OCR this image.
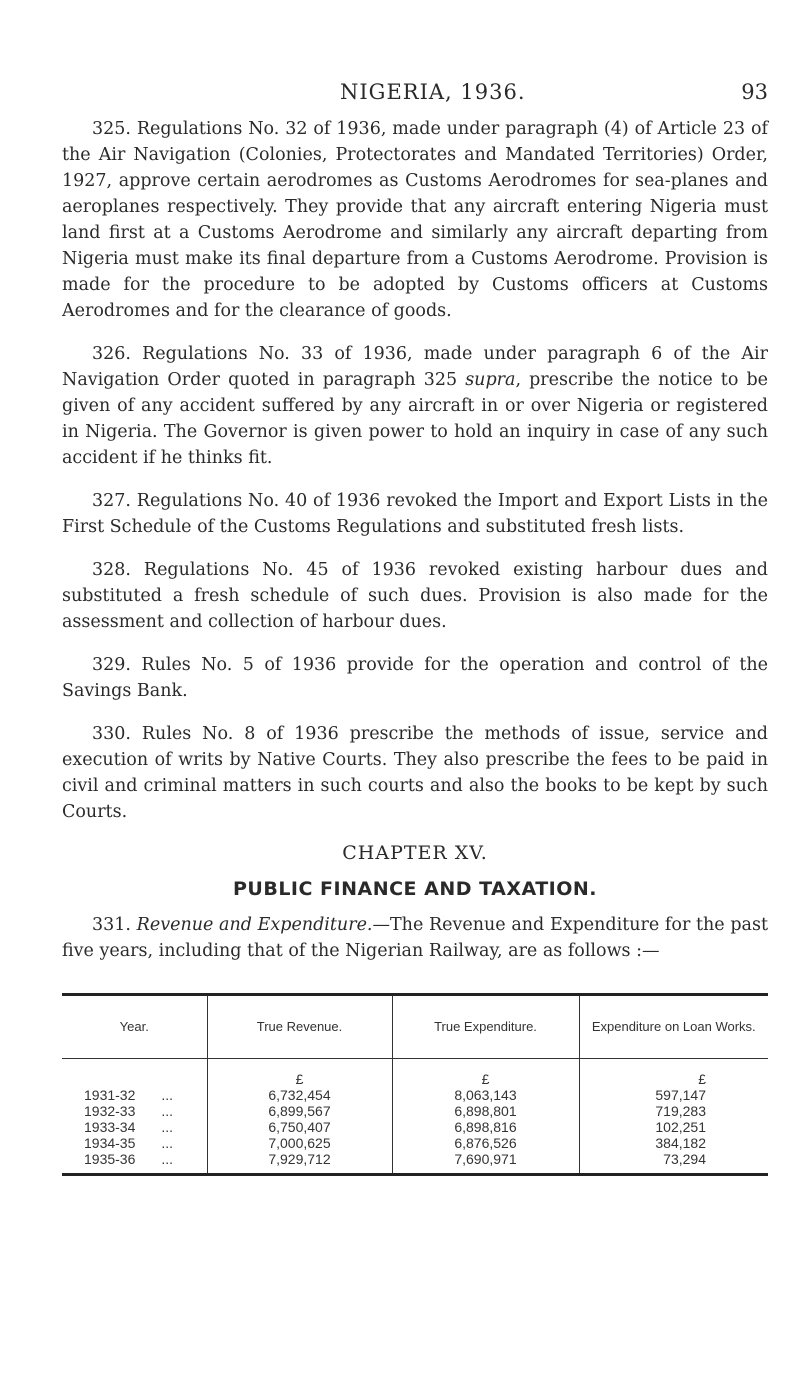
NIGERIA, 1936.	93

325. Regulations No. 32 of 1936, made under paragraph (4) of Article 23 of the Air Navigation (Colonies, Protectorates and Mandated Territories) Order, 1927, approve certain aerodromes as Customs Aerodromes for sea-planes and aeroplanes respectively. They provide that any aircraft entering Nigeria must land first at a Customs Aerodrome and similarly any aircraft departing from Nigeria must make its final departure from a Customs Aerodrome. Provision is made for the procedure to be adopted by Customs officers at Customs Aerodromes and for the clearance of goods.

326. Regulations No. 33 of 1936, made under paragraph 6 of the Air Navigation Order quoted in paragraph 325 supra, prescribe the notice to be given of any accident suffered by any aircraft in or over Nigeria or registered in Nigeria. The Governor is given power to hold an inquiry in case of any such accident if he thinks fit.

327. Regulations No. 40 of 1936 revoked the Import and Export Lists in the First Schedule of the Customs Regulations and substituted fresh lists.

328. Regulations No. 45 of 1936 revoked existing harbour dues and substituted a fresh schedule of such dues. Provision is also made for the assessment and collection of harbour dues.

329. Rules No. 5 of 1936 provide for the operation and control of the Savings Bank.

330. Rules No. 8 of 1936 prescribe the methods of issue, service and execution of writs by Native Courts. They also prescribe the fees to be paid in civil and criminal matters in such courts and also the books to be kept by such Courts.

CHAPTER XV.
PUBLIC FINANCE AND TAXATION.

331. Revenue and Expenditure.—The Revenue and Expenditure for the past five years, including that of the Nigerian Railway, are as follows :—

Year.	True Revenue.	True Expenditure.	Expenditure on Loan Works.
	£	£	£
1931-32 ...	6,732,454	8,063,143	597,147
1932-33 ...	6,899,567	6,898,801	719,283
1933-34 ...	6,750,407	6,898,816	102,251
1934-35 ...	7,000,625	6,876,526	384,182
1935-36 ...	7,929,712	7,690,971	73,294
